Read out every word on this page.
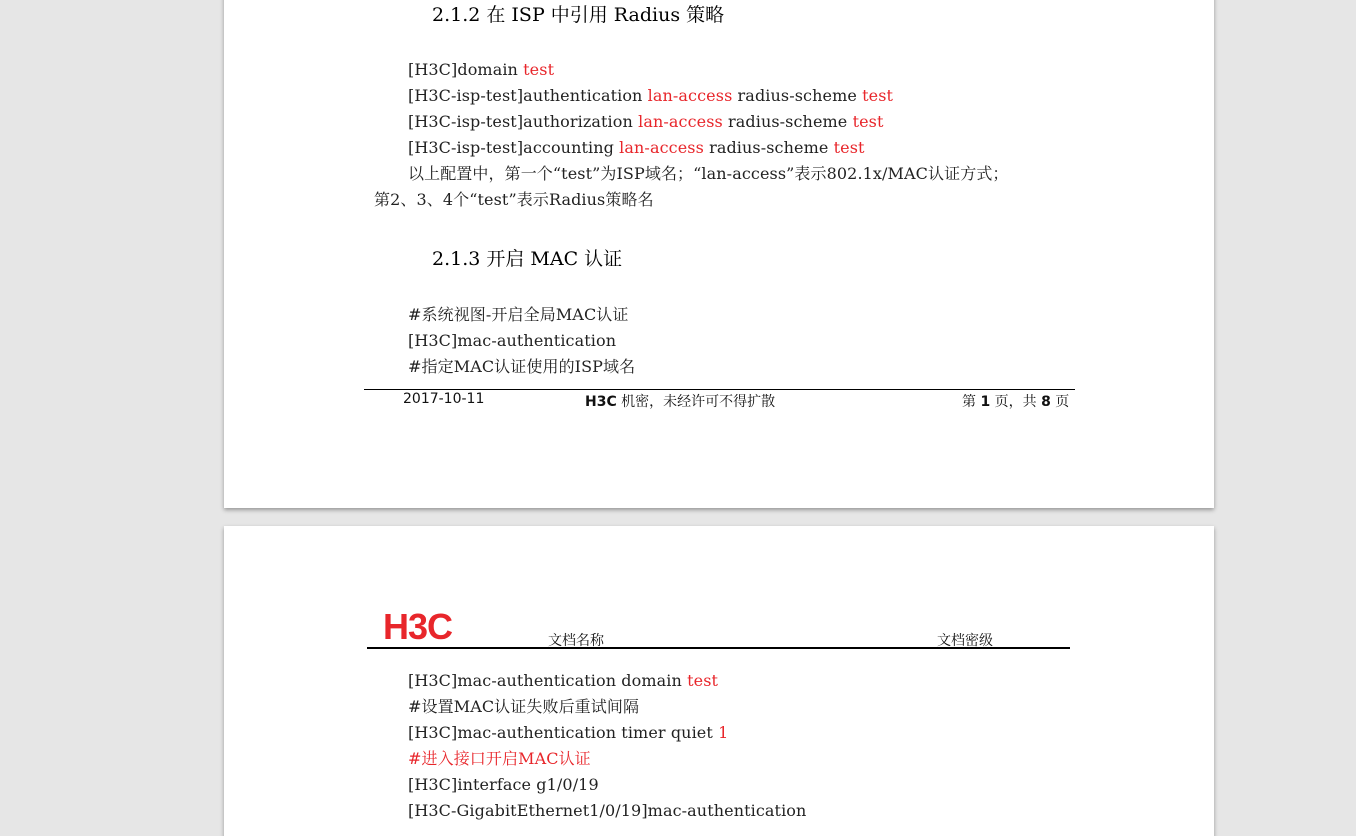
2.1.2 在 ISP 中引用 Radius 策略
[H3C]domain test
[H3C-isp-test]authentication lan-access radius-scheme test
[H3C-isp-test]authorization lan-access radius-scheme test
[H3C-isp-test]accounting lan-access radius-scheme test
以上配置中，第一个“test”为ISP域名；“lan-access”表示802.1x/MAC认证方式；
第2、3、4个“test”表示Radius策略名
2.1.3 开启 MAC 认证
#系统视图-开启全局MAC认证
[H3C]mac-authentication
#指定MAC认证使用的ISP域名
2017-10-11	H3C 机密，未经许可不得扩散	第 1 页，共 8 页
H3C	文档名称	文档密级
[H3C]mac-authentication domain test
#设置MAC认证失败后重试间隔
[H3C]mac-authentication timer quiet 1
#进入接口开启MAC认证
[H3C]interface g1/0/19
[H3C-GigabitEthernet1/0/19]mac-authentication
